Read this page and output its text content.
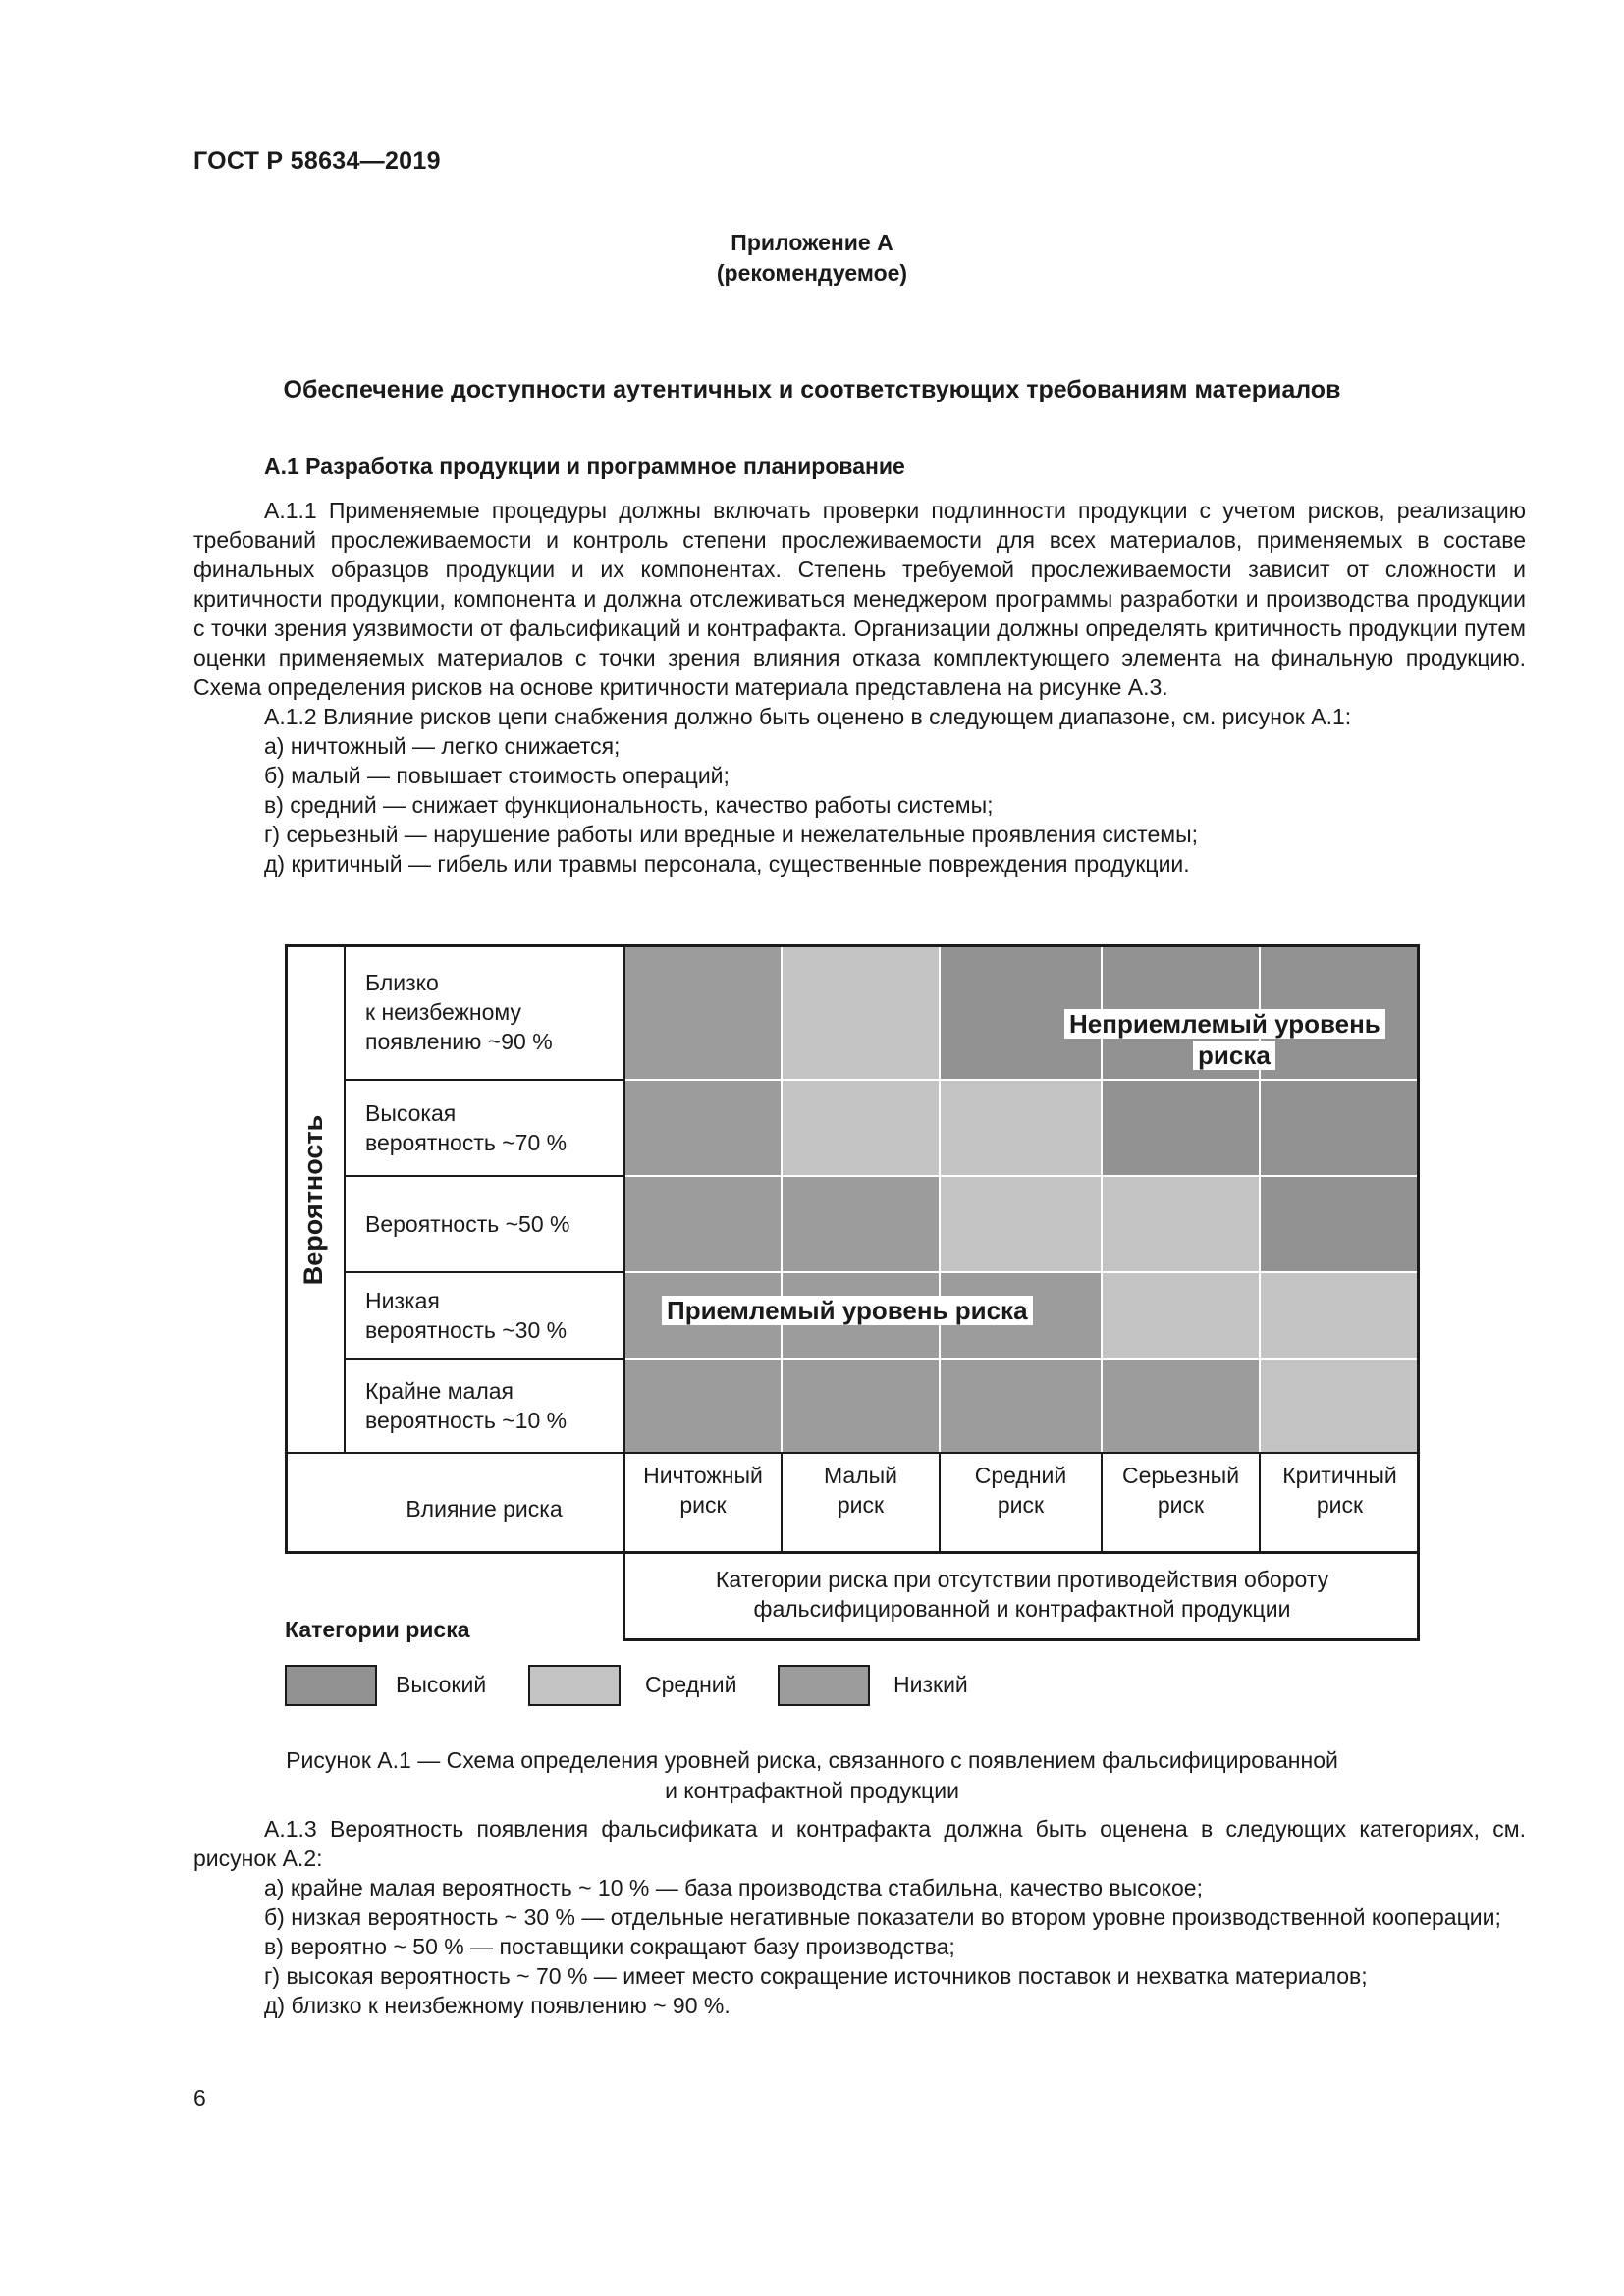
ГОСТ Р 58634—2019
Приложение А
(рекомендуемое)
Обеспечение доступности аутентичных и соответствующих требованиям материалов
А.1 Разработка продукции и программное планирование

А.1.1 Применяемые процедуры должны включать проверки подлинности продукции с учетом рисков, реализацию требований прослеживаемости и контроль степени прослеживаемости для всех материалов, применяемых в составе финальных образцов продукции и их компонентах. Степень требуемой прослеживаемости зависит от сложности и критичности продукции, компонента и должна отслеживаться менеджером программы разработки и производства продукции с точки зрения уязвимости от фальсификаций и контрафакта. Организации должны определять критичность продукции путем оценки применяемых материалов с точки зрения влияния отказа комплектующего элемента на финальную продукцию. Схема определения рисков на основе критичности материала представлена на рисунке А.3.

А.1.2 Влияние рисков цепи снабжения должно быть оценено в следующем диапазоне, см. рисунок А.1:

а) ничтожный — легко снижается;

б) малый — повышает стоимость операций;

в) средний — снижает функциональность, качество работы системы;

г) серьезный — нарушение работы или вредные и нежелательные проявления системы;

д) критичный — гибель или травмы персонала, существенные повреждения продукции.

Вероятность
Близко
к неизбежному
появлению ~90 %
Высокая
вероятность ~70 %
Вероятность ~50 %
Низкая
вероятность ~30 %
Крайне малая
вероятность ~10 %
Неприемлемый уровень
риска
Приемлемый уровень риска
Влияние риска
Ничтожный
риск
Малый
риск
Средний
риск
Серьезный
риск
Критичный
риск
Категории риска при отсутствии противодействия обороту
фальсифицированной и контрафактной продукции
Категории риска
Высокий	Средний	Низкий
Рисунок А.1 — Схема определения уровней риска, связанного с появлением фальсифицированной
и контрафактной продукции

А.1.3 Вероятность появления фальсификата и контрафакта должна быть оценена в следующих категориях, см. рисунок А.2:

а) крайне малая вероятность ~ 10 % — база производства стабильна, качество высокое;

б) низкая вероятность ~ 30 % — отдельные негативные показатели во втором уровне производственной кооперации;

в) вероятно ~ 50 % — поставщики сокращают базу производства;

г) высокая вероятность ~ 70 % — имеет место сокращение источников поставок и нехватка материалов;

д) близко к неизбежному появлению ~ 90 %.

6
